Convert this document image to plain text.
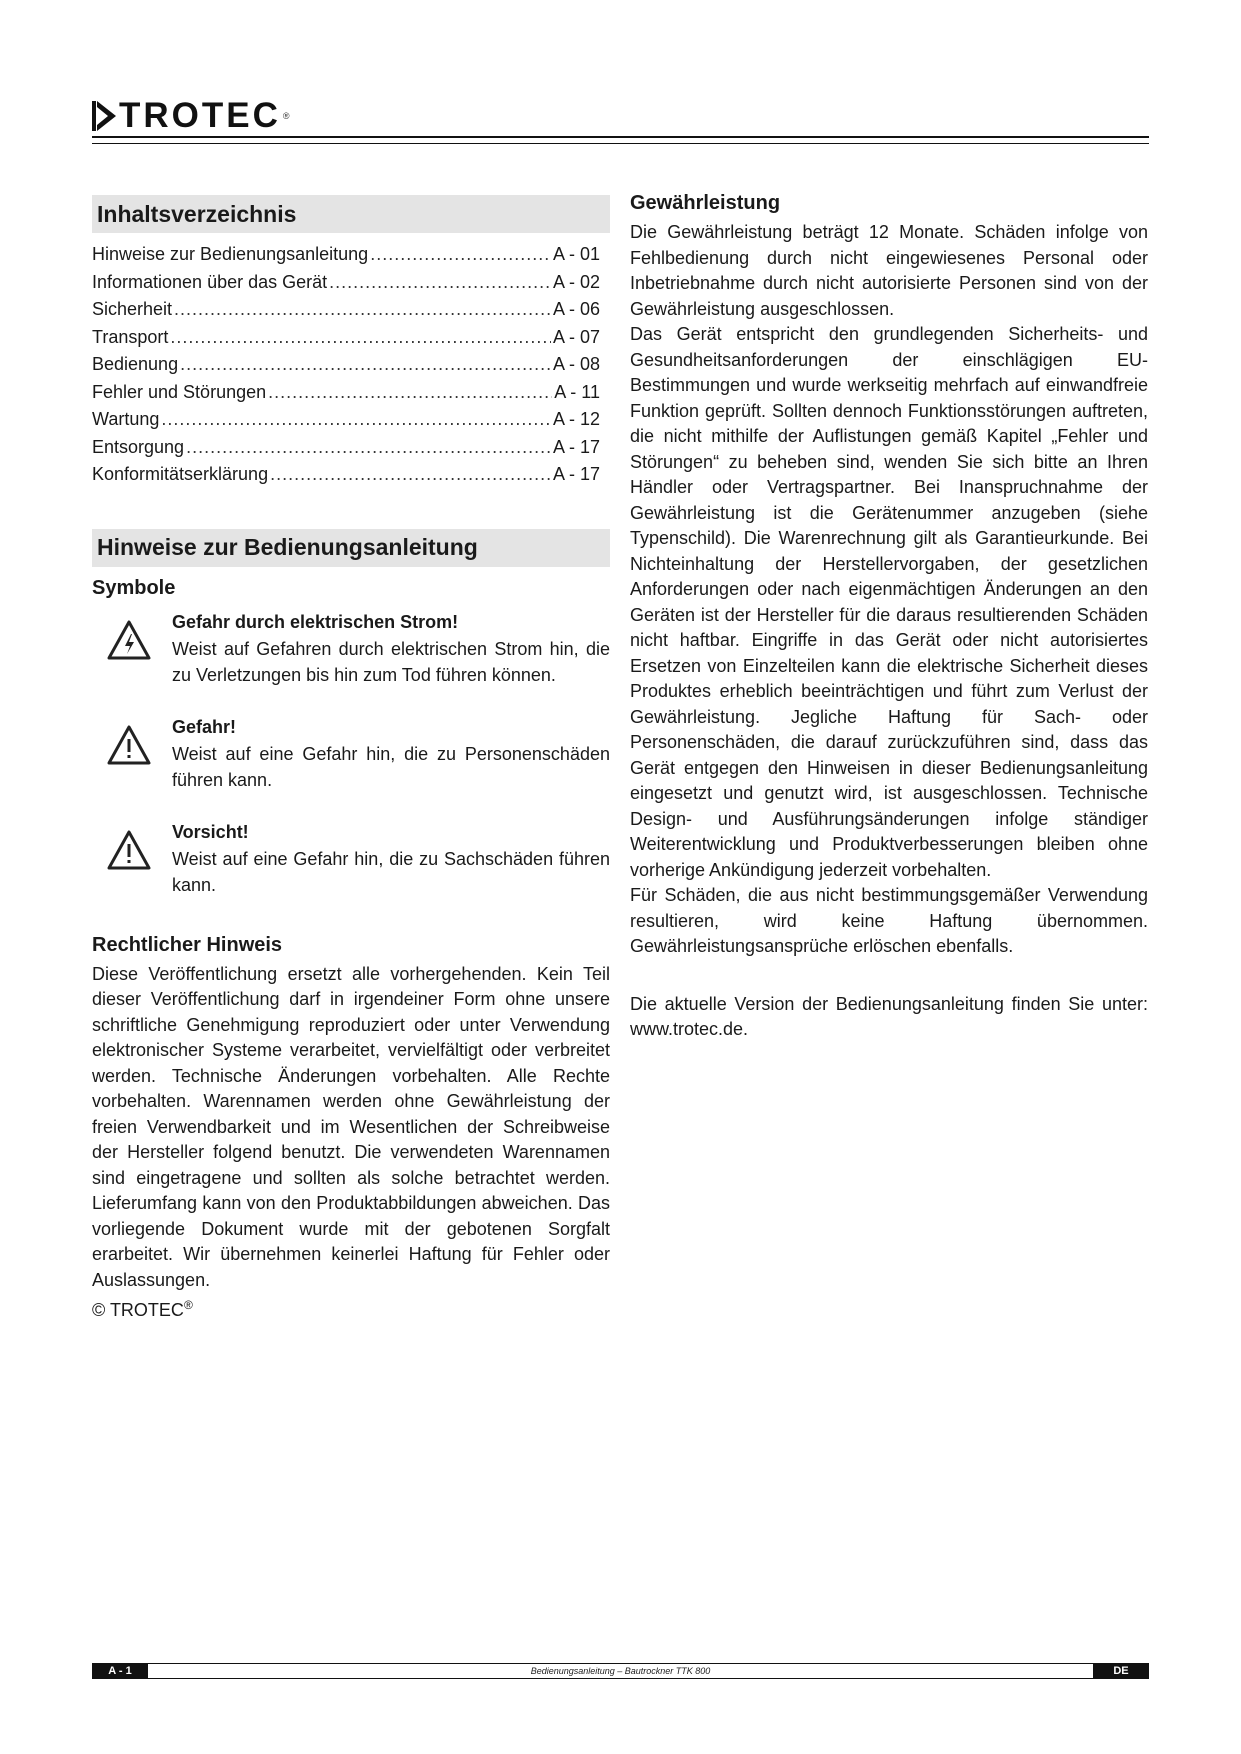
TROTEC ®
Inhaltsverzeichnis
Hinweise zur Bedienungsanleitung .....	A - 01
Informationen über das Gerät .....	A - 02
Sicherheit .....	A - 06
Transport .....	A - 07
Bedienung .....	A - 08
Fehler und Störungen .....	A - 11
Wartung .....	A - 12
Entsorgung .....	A - 17
Konformitätserklärung .....	A - 17
Hinweise zur Bedienungsanleitung
Symbole
Gefahr durch elektrischen Strom!
Weist auf Gefahren durch elektrischen Strom hin, die zu Verletzungen bis hin zum Tod führen können.
Gefahr!
Weist auf eine Gefahr hin, die zu Personenschäden führen kann.
Vorsicht!
Weist auf eine Gefahr hin, die zu Sachschäden führen kann.
Rechtlicher Hinweis
Diese Veröffentlichung ersetzt alle vorhergehenden. Kein Teil dieser Veröffentlichung darf in irgendeiner Form ohne unsere schriftliche Genehmigung reproduziert oder unter Verwendung elektronischer Systeme verarbeitet, vervielfältigt oder verbreitet werden. Technische Änderungen vorbehalten. Alle Rechte vorbehalten. Warennamen werden ohne Gewährleistung der freien Verwendbarkeit und im Wesentlichen der Schreibweise der Hersteller folgend benutzt. Die verwendeten Warennamen sind eingetragene und sollten als solche betrachtet werden. Lieferumfang kann von den Produktabbildungen abweichen. Das vorliegende Dokument wurde mit der gebotenen Sorgfalt erarbeitet. Wir übernehmen keinerlei Haftung für Fehler oder Auslassungen.
© TROTEC®
Gewährleistung

Die Gewährleistung beträgt 12 Monate. Schäden infolge von Fehlbedienung durch nicht eingewiesenes Personal oder Inbetriebnahme durch nicht autorisierte Personen sind von der Gewährleistung ausgeschlossen.

Das Gerät entspricht den grundlegenden Sicherheits- und Gesundheitsanforderungen der einschlägigen EU-Bestimmungen und wurde werkseitig mehrfach auf einwandfreie Funktion geprüft. Sollten dennoch Funktionsstörungen auftreten, die nicht mithilfe der Auflistungen gemäß Kapitel „Fehler und Störungen“ zu beheben sind, wenden Sie sich bitte an Ihren Händler oder Vertragspartner. Bei Inanspruchnahme der Gewährleistung ist die Gerätenummer anzugeben (siehe Typenschild). Die Warenrechnung gilt als Garantieurkunde. Bei Nichteinhaltung der Herstellervorgaben, der gesetzlichen Anforderungen oder nach eigenmächtigen Änderungen an den Geräten ist der Hersteller für die daraus resultierenden Schäden nicht haftbar. Eingriffe in das Gerät oder nicht autorisiertes Ersetzen von Einzelteilen kann die elektrische Sicherheit dieses Produktes erheblich beeinträchtigen und führt zum Verlust der Gewährleistung. Jegliche Haftung für Sach- oder Personenschäden, die darauf zurückzuführen sind, dass das Gerät entgegen den Hinweisen in dieser Bedienungsanleitung eingesetzt und genutzt wird, ist ausgeschlossen. Technische Design- und Ausführungsänderungen infolge ständiger Weiterentwicklung und Produktverbesserungen bleiben ohne vorherige Ankündigung jederzeit vorbehalten.

Für Schäden, die aus nicht bestimmungsgemäßer Verwendung resultieren, wird keine Haftung übernommen. Gewährleistungsansprüche erlöschen ebenfalls.

Die aktuelle Version der Bedienungsanleitung finden Sie unter: www.trotec.de.
A - 1	Bedienungsanleitung – Bautrockner TTK 800	DE
